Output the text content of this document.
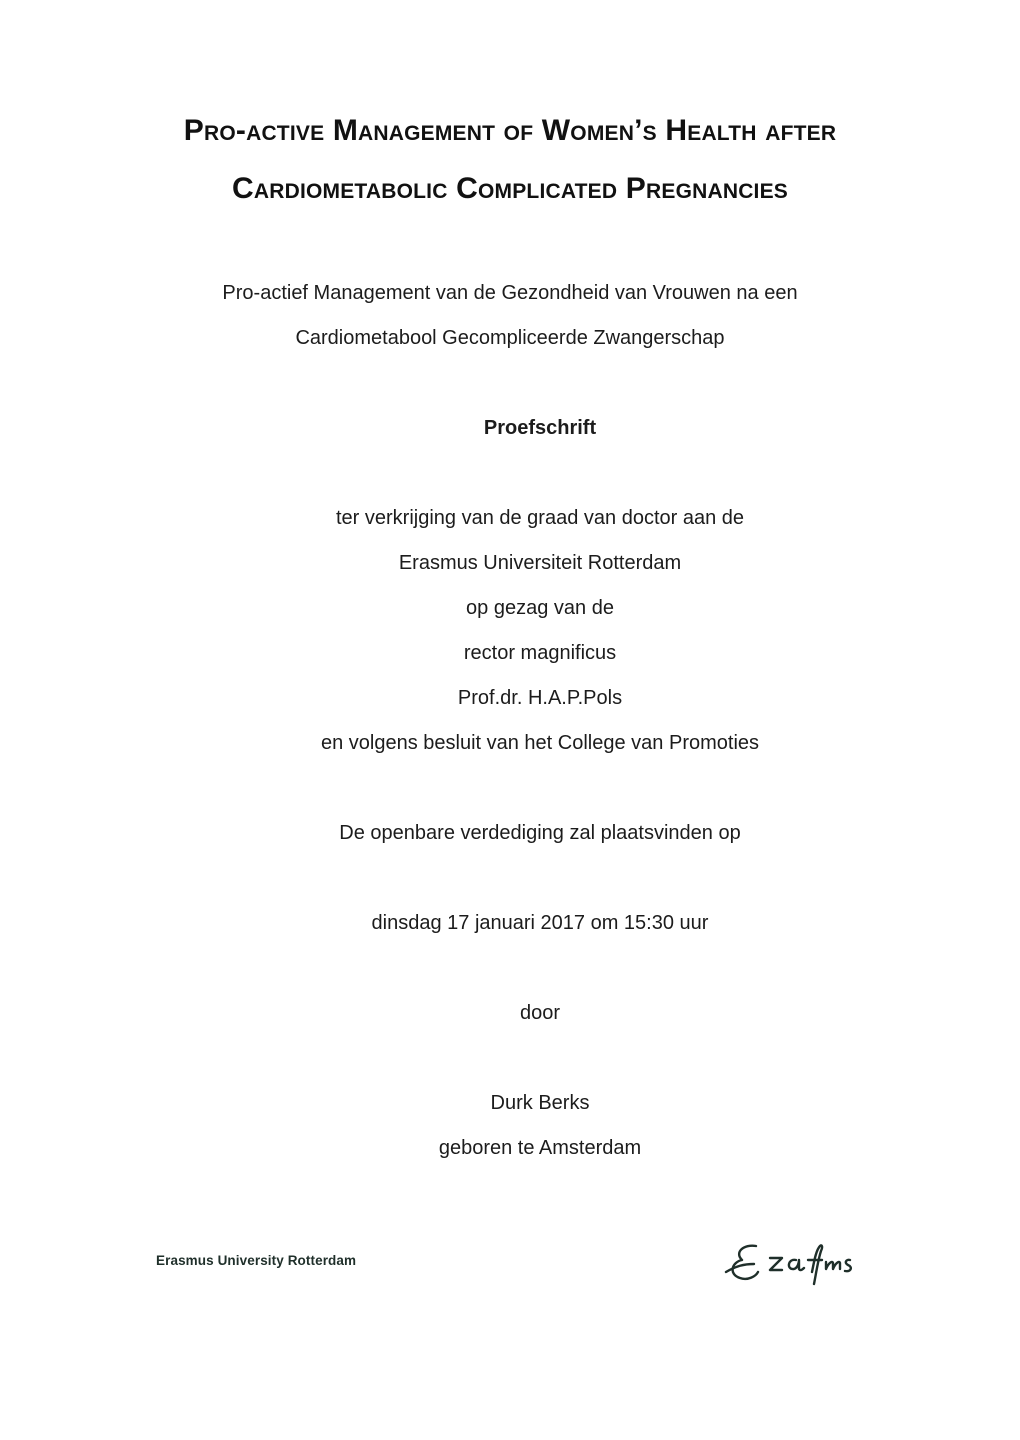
Pro-active Management of Women’s Health after
Cardiometabolic Complicated Pregnancies
Pro-actief Management van de Gezondheid van Vrouwen na een
Cardiometabool Gecompliceerde Zwangerschap
Proefschrift
ter verkrijging van de graad van doctor aan de
Erasmus Universiteit Rotterdam
op gezag van de
rector magnificus
Prof.dr. H.A.P.Pols
en volgens besluit van het College van Promoties
De openbare verdediging zal plaatsvinden op
dinsdag 17 januari 2017 om 15:30 uur
door
Durk Berks
geboren te Amsterdam
Erasmus University Rotterdam
